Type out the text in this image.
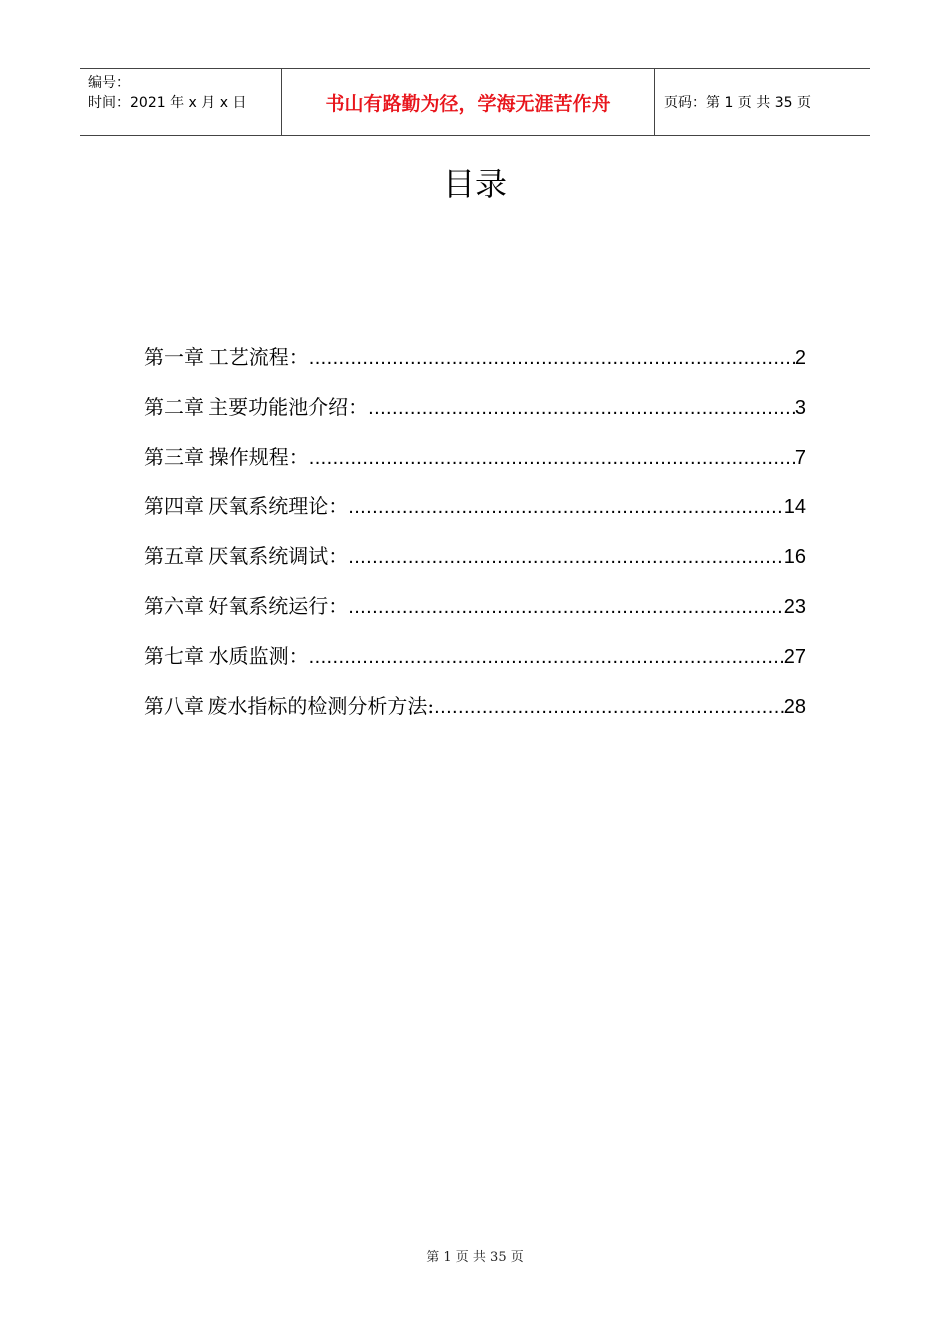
编号：
时间：2021 年 x 月 x 日	书山有路勤为径，学海无涯苦作舟	页码：第 1 页 共 35 页
目录
第一章 工艺流程： .....	2
第二章 主要功能池介绍： .....	3
第三章 操作规程： .....	7
第四章 厌氧系统理论： .....	14
第五章 厌氧系统调试： .....	16
第六章 好氧系统运行： .....	23
第七章 水质监测： .....	27
第八章 废水指标的检测分析方法: .....	28
第 1 页 共 35 页
